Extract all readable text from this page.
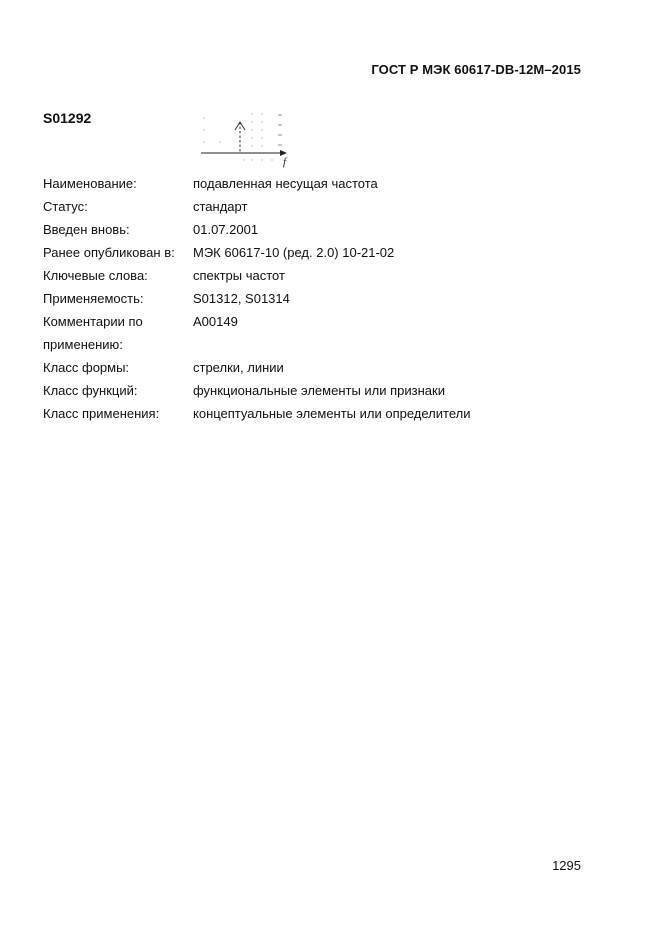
ГОСТ Р МЭК 60617-DB-12M–2015
S01292
f
Наименование:	подавленная несущая частота
Статус:	стандарт
Введен вновь:	01.07.2001
Ранее опубликован в:	МЭК 60617-10 (ред. 2.0) 10-21-02
Ключевые слова:	спектры частот
Применяемость:	S01312, S01314
Комментарии по	A00149
применению:
Класс формы:	стрелки, линии
Класс функций:	функциональные элементы или признаки
Класс применения:	концептуальные элементы или определители
1295
